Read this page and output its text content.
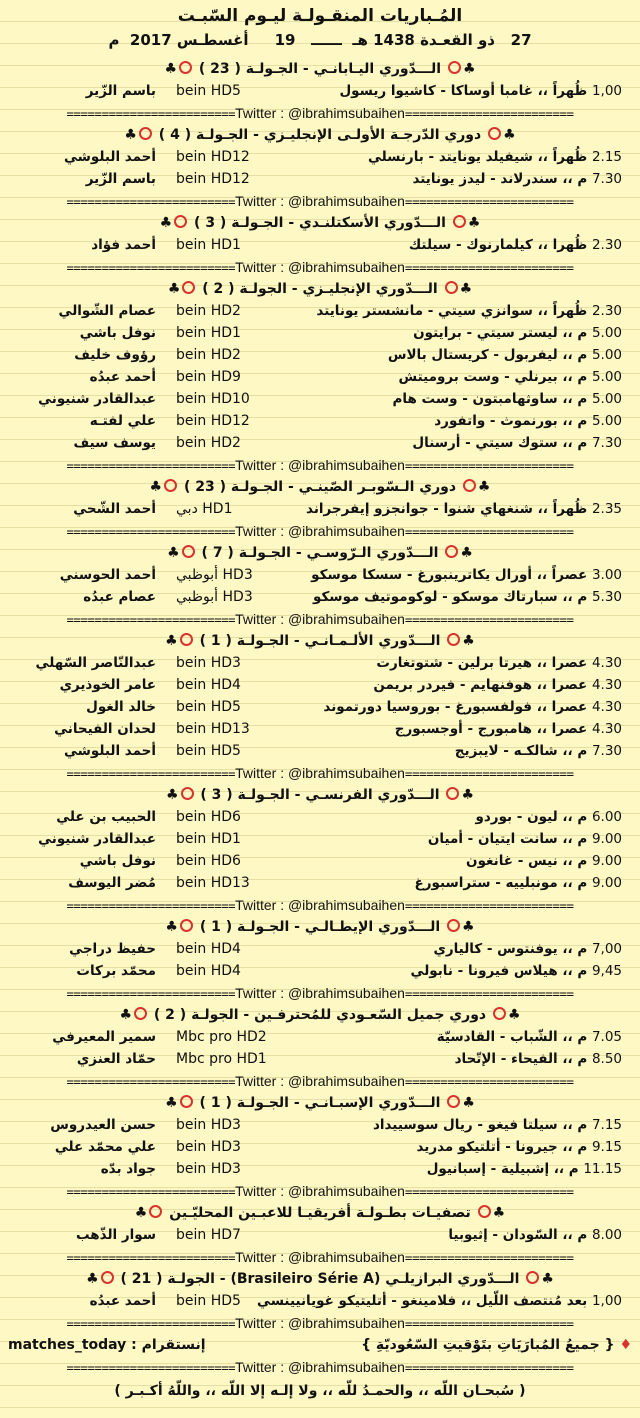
المُـباريات المنقـولـة ليـوم السّبـت
27   ذو القعـدة 1438 هـ  ــــــ   19     أغسطـس 2017  م
♣ الـــدّوري اليـابانـي - الجـولـة ( 23 ) ♣
1,00 ظُهراً ،، غامبا أوساكا - كاشيوا ريسول
bein HD5
باسم الزّير
========================Twitter : @ibrahimsubaihen========================
♣ دوري الدّرجـة الأولـى الإنجليـزي - الجـولـة ( 4 ) ♣
2.15 ظُهراً ،، شيفيلد يونايتد - بارنسلي
bein HD12
أحمد البلوشي
7.30 م ،، سندرلاند - ليدز يونايتد
bein HD12
باسم الزّير
========================Twitter : @ibrahimsubaihen========================
♣ الـــدّوري الأسكتلنـدي - الجـولـة ( 3 ) ♣
2.30 ظُهرا ،، كيلمارنوك - سيلتك
bein HD1
أحمد فؤاد
========================Twitter : @ibrahimsubaihen========================
♣ الـــدّوري الإنجليـزي - الجولـة ( 2 ) ♣
2.30 ظُهراً ،، سوانزي سيتي - مانشستر يونايتد
bein HD2
عصام الشّوالي
5.00 م ،، ليستر سيتي - برايتون
bein HD1
نوفل باشي
5.00 م ،، ليفربول - كريستال بالاس
bein HD2
رؤوف خليف
5.00 م ،، بيرنلي - وست بروميتش
bein HD9
أحمد عبدُه
5.00 م ،، ساوثهامبتون - وست هام
bein HD10
عبدالقادر شنيوني
5.00 م ،، بورنموث - واتفورد
bein HD12
علي لفتـه
7.30 م ،، ستوك سيتي - أرسنال
bein HD2
يوسف سيف
========================Twitter : @ibrahimsubaihen========================
♣ دوري الـسّوبـر الصّينـي - الجـولـة ( 23 ) ♣
2.35 ظُهراً ،، شنغهاي شنوا - جوانجزو إيفرجراند
دبي HD1
أحمد الشّحي
========================Twitter : @ibrahimsubaihen========================
♣ الـــدّوري الـرّوسـي - الجـولـة ( 7 ) ♣
3.00 عصراً ،، أورال يكاترينبورغ - سسكا موسكو
أبوظبي HD3
أحمد الحوسني
5.30 م ،، سبارتاك موسكو - لوكوموتيف موسكو
أبوظبي HD3
عصام عبدُه
========================Twitter : @ibrahimsubaihen========================
♣ الـــدّوري الألـمـانـي - الجـولـة ( 1 ) ♣
4.30 عصرا ،، هيرتا برلين - شتوتغارت
bein HD3
عبدالنّاصر السّهلي
4.30 عصرا ،، هوفنهايم - فيردر بريمن
bein HD4
عامر الخوذيري
4.30 عصرا ،، فولفسبورغ - بوروسيا دورتموند
bein HD5
خالد الغول
4.30 عصرا ،، هامبورج - أوجسبورج
bein HD13
لحدان الفيحاني
7.30 م ،، شالكـه - لايبزيج
bein HD5
أحمد البلوشي
========================Twitter : @ibrahimsubaihen========================
♣ الـــدّوري الفرنسـي - الجـولـة ( 3 ) ♣
6.00 م ،، ليون - بوردو
bein HD6
الحبيب بن علي
9.00 م ،، سانت ايتيان - أميان
bein HD1
عبدالقادر شنيوني
9.00 م ،، نيس - غانغون
bein HD6
نوفل باشي
9.00 م ،، مونبلييه - ستراسبورغ
bein HD13
مُضر اليوسف
========================Twitter : @ibrahimsubaihen========================
♣ الـــدّوري الإيطـالـي - الجـولـة ( 1 ) ♣
7,00 م ،، يوفنتوس - كالياري
bein HD4
حفيظ دراجي
9,45 م ،، هيلاس فيرونا - نابولي
bein HD4
محمّد بركات
========================Twitter : @ibrahimsubaihen========================
♣ دوري جميل السّعـودي للمُحترفـين - الجولـة ( 2 ) ♣
7.05 م ،، الشّباب - القادسيّة
Mbc pro HD2
سمير المعيرفي
8.50 م ،، الفيحاء - الإتّحاد
Mbc pro HD1
حمّاد العنزي
========================Twitter : @ibrahimsubaihen========================
♣ الـــدّوري الإسبـانـي - الجـولـة ( 1 ) ♣
7.15 م ،، سيلتا فيغو - ريال سوسييداد
bein HD3
حسن العيدروس
9.15 م ،، جيرونا - أتلتيكو مدريد
bein HD3
علي محمّد علي
11.15 م ،، إشبيلية - إسبانيول
bein HD3
جواد بدّه
========================Twitter : @ibrahimsubaihen========================
♣ تصفيـات بطـولـة أفريقيـا للاعبـين المحليّـين ♣
8.00 م ،، السّودان - إثيوبيا
bein HD7
سوار الذّهب
========================Twitter : @ibrahimsubaihen========================
♣ الـــدّوري البرازيلـي (Brasileiro Série A) - الجولـة ( 21 ) ♣
1,00 بعد مُنتصف اللّيل ،، فلامينغو - أتليتيكو غويانيينسي
bein HD5
أحمد عبدُه
========================Twitter : @ibrahimsubaihen========================
matches_today : إنستقرام	♦ { جميعُ المُبارَيَاتِ بتَوْقيتِ السّعُوديّةِ }
========================Twitter : @ibrahimsubaihen========================
( سُبحـان اللّه ،، والحمـدُ للّه ،، ولا إلـه إلا اللّه ،، واللّهُ أكـبـر )
